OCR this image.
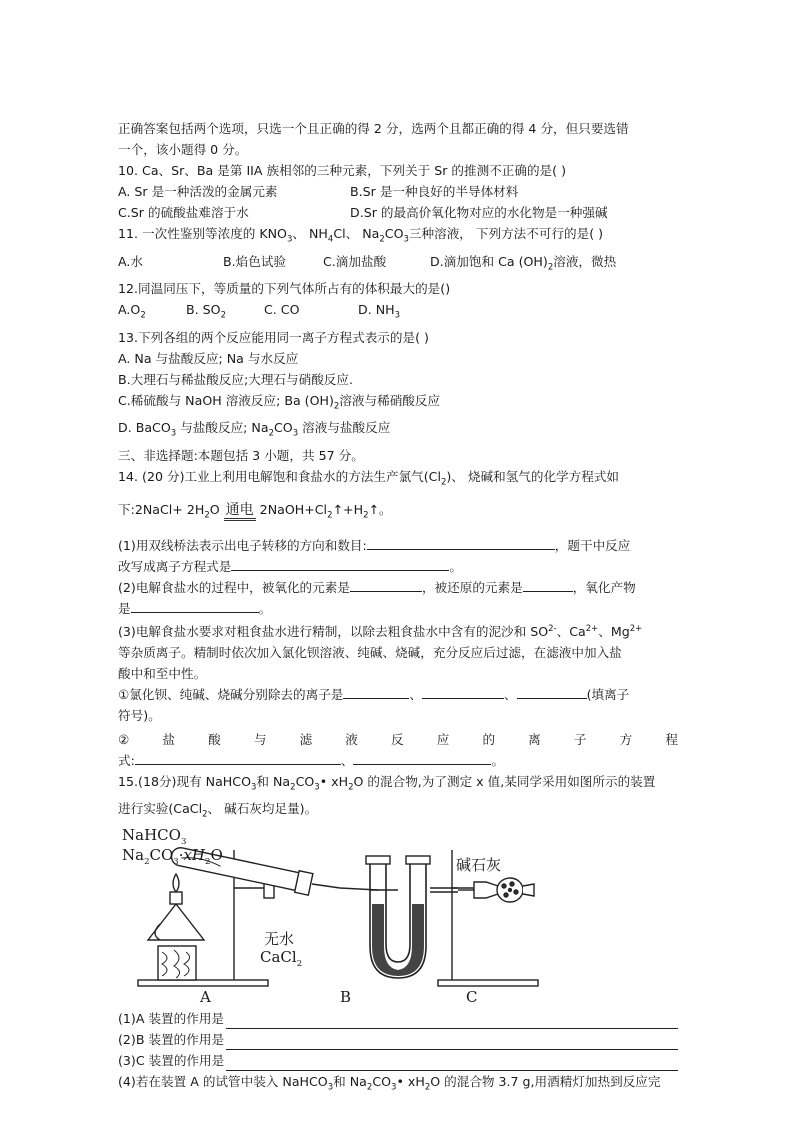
正确答案包括两个选项，只选一个且正确的得 2 分，选两个且都正确的得 4 分，但只要选错
一个，该小题得 0 分。
10. Ca、Sr、Ba 是第 IIA 族相邻的三种元素，下列关于 Sr 的推测不正确的是( )
A. Sr 是一种活泼的金属元素	B.Sr 是一种良好的半导体材料
C.Sr 的硫酸盐难溶于水	D.Sr 的最高价氧化物对应的水化物是一种强碱
11. 一次性鉴别等浓度的 $KNO_3$、 $NH_4Cl$、 $Na_2CO_3$三种溶液， 下列方法不可行的是( )
A.水	B.焰色试验	C.滴加盐酸	D.滴加饱和 Ca $(OH)_2$溶液，微热
12.同温同压下，等质量的下列气体所占有的体积最大的是()
$A.O_2$	B. $SO_2$	C. CO	D. $NH_3$
13.下列各组的两个反应能用同一离子方程式表示的是( )
A. Na 与盐酸反应; Na 与水反应
B.大理石与稀盐酸反应;大理石与硝酸反应.
C.稀硫酸与 NaOH 溶液反应; Ba $(OH)_2$溶液与稀硝酸反应
D. BaCO$_3$ 与盐酸反应; $Na_2CO_3$ 溶液与盐酸反应
三、非选择题:本题包括 3 小题，共 57 分。
14. (20 分)工业上利用电解饱和食盐水的方法生产氯气$(Cl_2)$、 烧碱和氢气的化学方程式如
下:2NaCl+ $2H_2O$ 通电 $2NaOH+Cl_2↑+H_2↑$。
(1)用双线桥法表示出电子转移的方向和数目:	，题干中反应
改写成离子方程式是	。
(2)电解食盐水的过程中，被氧化的元素是	，被还原的元素是	，氧化产物
是	。
(3)电解食盐水要求对粗食盐水进行精制，以除去粗食盐水中含有的泥沙和 $SO^{2-}$、$Ca^{2+}$、$Mg^{2+}$
等杂质离子。精制时依次加入氯化钡溶液、纯碱、烧碱，充分反应后过滤，在滤液中加入盐
酸中和至中性。
①氯化钡、纯碱、烧碱分别除去的离子是	、	、	(填离子
符号)。
②	盐	酸	与	滤	液	反	应	的	离	子	方	程
式:	、	。
15.(18分)现有 NaHCO$_3$和 $Na_2CO_3•$ $xH_2O$ 的混合物,为了测定 x 值,某同学采用如图所示的装置
进行实验(CaCl$_2$、 碱石灰均足量)。
NaHCO$_3$
$Na_2CO_3\cdot xH_2O$
无水
CaCl$_2$
碱石灰
A	B	C
(1)A 装置的作用是
(2)B 装置的作用是
(3)C 装置的作用是
(4)若在装置 A 的试管中装入 NaHCO$_3$和 $Na_2CO_3•$ $xH_2O$ 的混合物 3.7 g,用酒精灯加热到反应完
